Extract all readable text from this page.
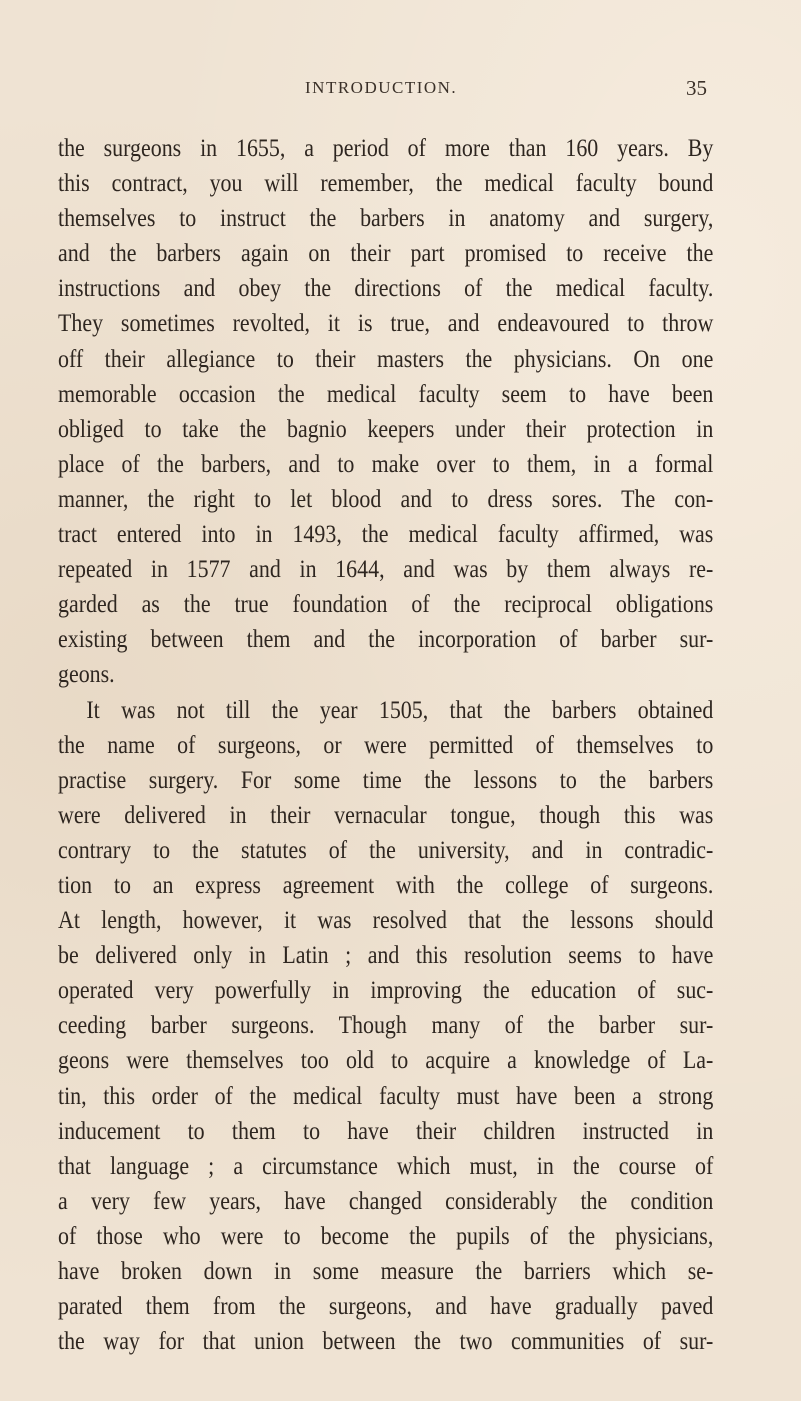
INTRODUCTION.	35
the surgeons in 1655, a period of more than 160 years. By
this contract, you will remember, the medical faculty bound
themselves to instruct the barbers in anatomy and surgery,
and the barbers again on their part promised to receive the
instructions and obey the directions of the medical faculty.
They sometimes revolted, it is true, and endeavoured to throw
off their allegiance to their masters the physicians. On one
memorable occasion the medical faculty seem to have been
obliged to take the bagnio keepers under their protection in
place of the barbers, and to make over to them, in a formal
manner, the right to let blood and to dress sores. The con-
tract entered into in 1493, the medical faculty affirmed, was
repeated in 1577 and in 1644, and was by them always re-
garded as the true foundation of the reciprocal obligations
existing between them and the incorporation of barber sur-
geons.
It was not till the year 1505, that the barbers obtained
the name of surgeons, or were permitted of themselves to
practise surgery. For some time the lessons to the barbers
were delivered in their vernacular tongue, though this was
contrary to the statutes of the university, and in contradic-
tion to an express agreement with the college of surgeons.
At length, however, it was resolved that the lessons should
be delivered only in Latin ; and this resolution seems to have
operated very powerfully in improving the education of suc-
ceeding barber surgeons. Though many of the barber sur-
geons were themselves too old to acquire a knowledge of La-
tin, this order of the medical faculty must have been a strong
inducement to them to have their children instructed in
that language ; a circumstance which must, in the course of
a very few years, have changed considerably the condition
of those who were to become the pupils of the physicians,
have broken down in some measure the barriers which se-
parated them from the surgeons, and have gradually paved
the way for that union between the two communities of sur-
